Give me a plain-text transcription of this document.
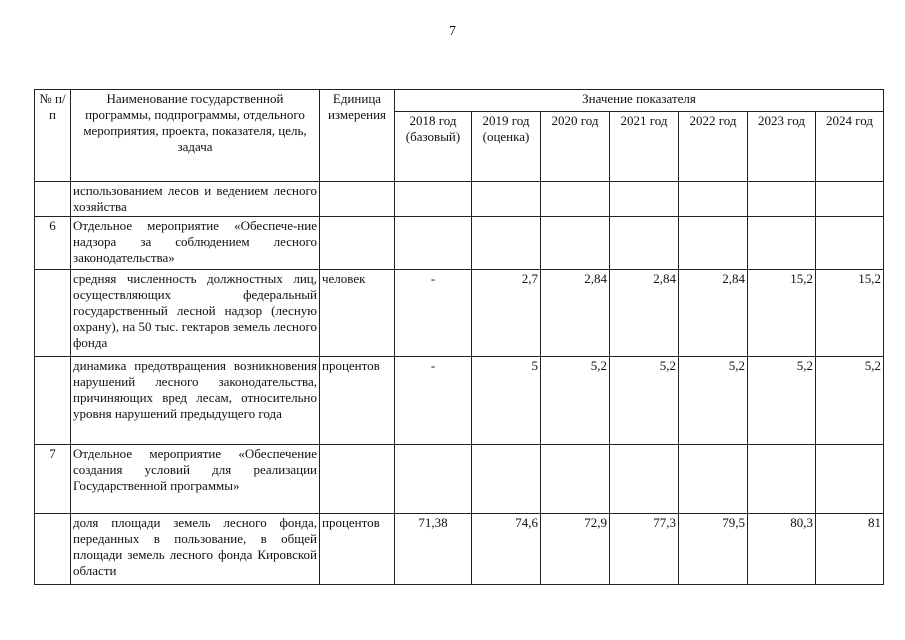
7
№ п/п	Наименование государственной программы, подпрограммы, отдельного мероприятия, проекта, показателя, цель, задача	Единица измерения	Значение показателя						
			2018 год (базовый)	2019 год (оценка)	2020 год	2021 год	2022 год	2023 год	2024 год
	использованием лесов и ведением лесного хозяйства								
6	Отдельное мероприятие «Обеспече-ние надзора за соблюдением лесного законодательства»								
	средняя численность должностных лиц, осуществляющих федеральный государственный лесной надзор (лесную охрану), на 50 тыс. гектаров земель лесного фонда	человек	-	2,7	2,84	2,84	2,84	15,2	15,2
	динамика предотвращения возникновения нарушений лесного законодательства, причиняющих вред лесам, относительно уровня нарушений предыдущего года	процентов	-	5	5,2	5,2	5,2	5,2	5,2
7	Отдельное мероприятие «Обеспечение создания условий для реализации Государственной программы»								
	доля площади земель лесного фонда, переданных в пользование, в общей площади земель лесного фонда Кировской области	процентов	71,38	74,6	72,9	77,3	79,5	80,3	81
